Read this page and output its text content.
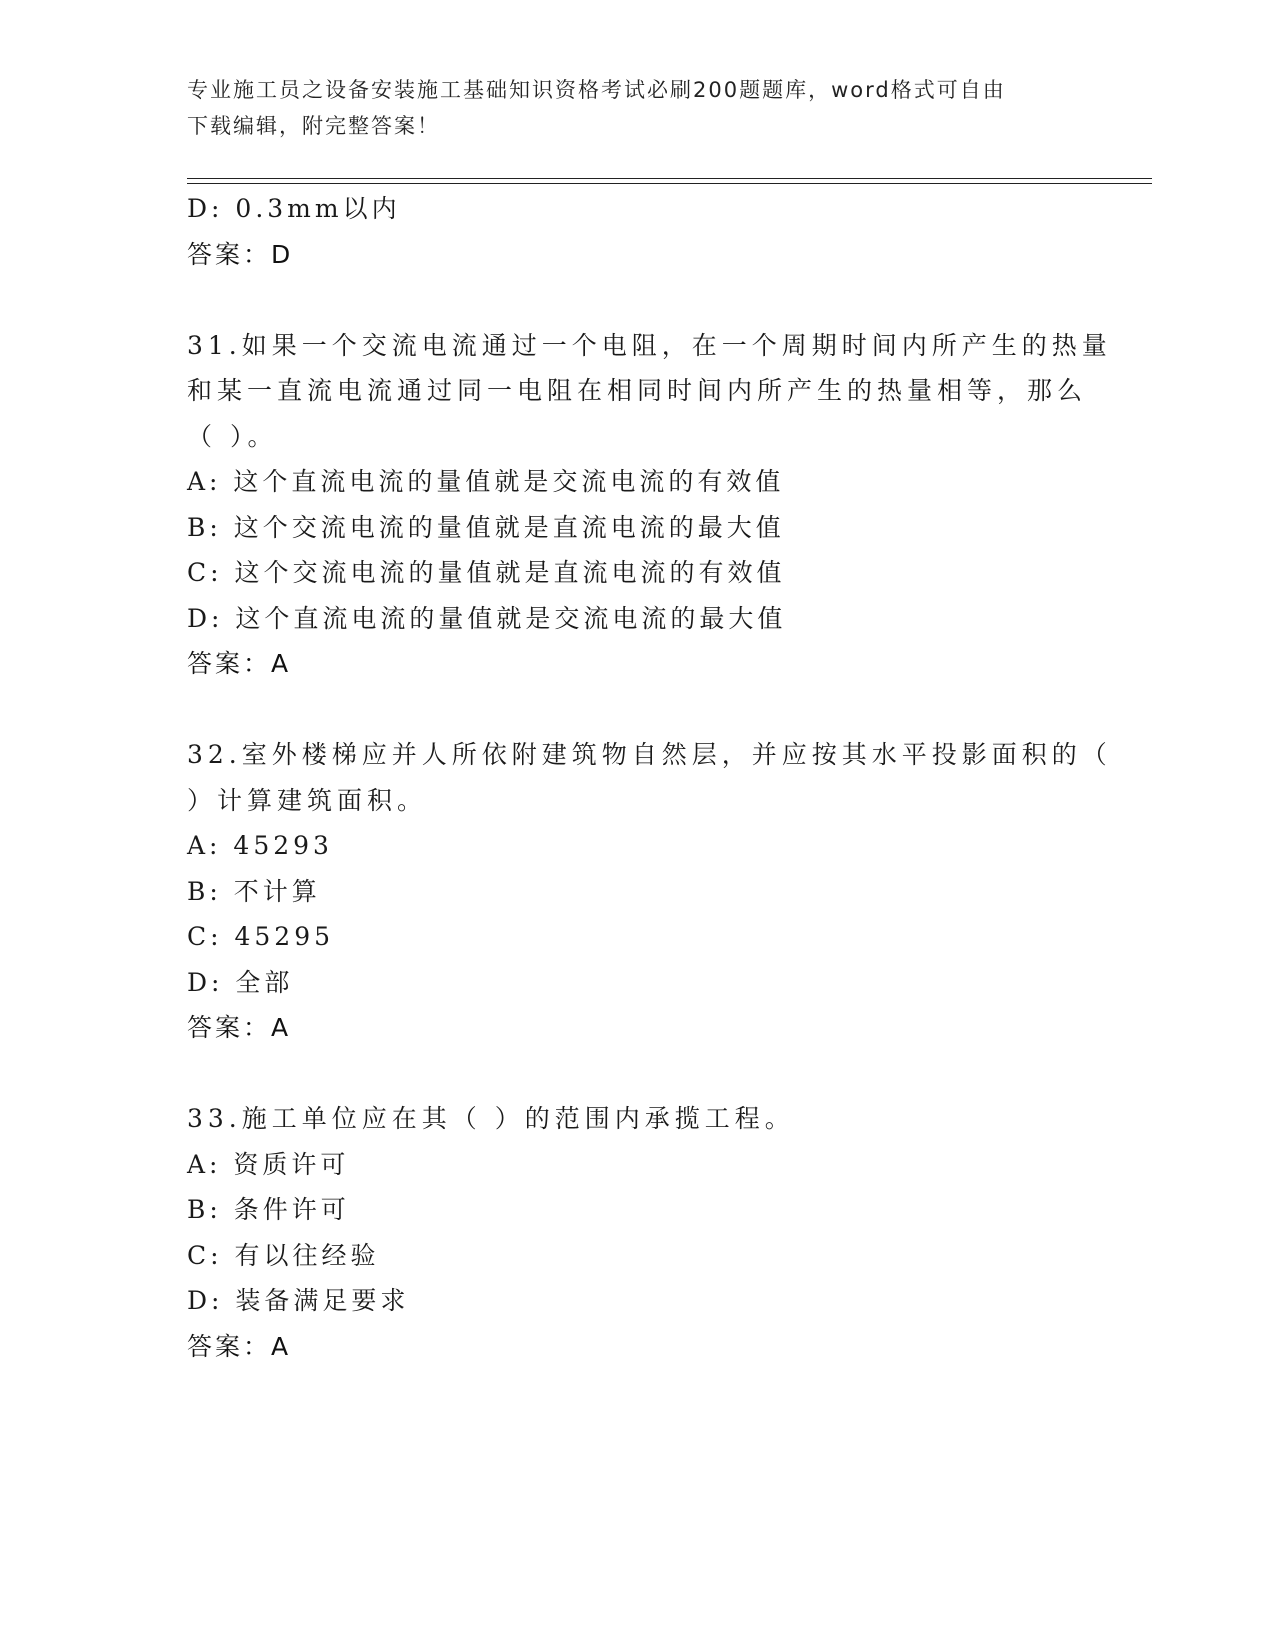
专业施工员之设备安装施工基础知识资格考试必刷200题题库，word格式可自由
下载编辑，附完整答案！
D: 0.3mm以内
答案：D
31.如果一个交流电流通过一个电阻，在一个周期时间内所产生的热量
和某一直流电流通过同一电阻在相同时间内所产生的热量相等，那么
（ ）。
A: 这个直流电流的量值就是交流电流的有效值
B: 这个交流电流的量值就是直流电流的最大值
C: 这个交流电流的量值就是直流电流的有效值
D: 这个直流电流的量值就是交流电流的最大值
答案：A
32.室外楼梯应并人所依附建筑物自然层，并应按其水平投影面积的（
）计算建筑面积。
A: 45293
B: 不计算
C: 45295
D: 全部
答案：A
33.施工单位应在其（ ）的范围内承揽工程。
A: 资质许可
B: 条件许可
C: 有以往经验
D: 装备满足要求
答案：A
